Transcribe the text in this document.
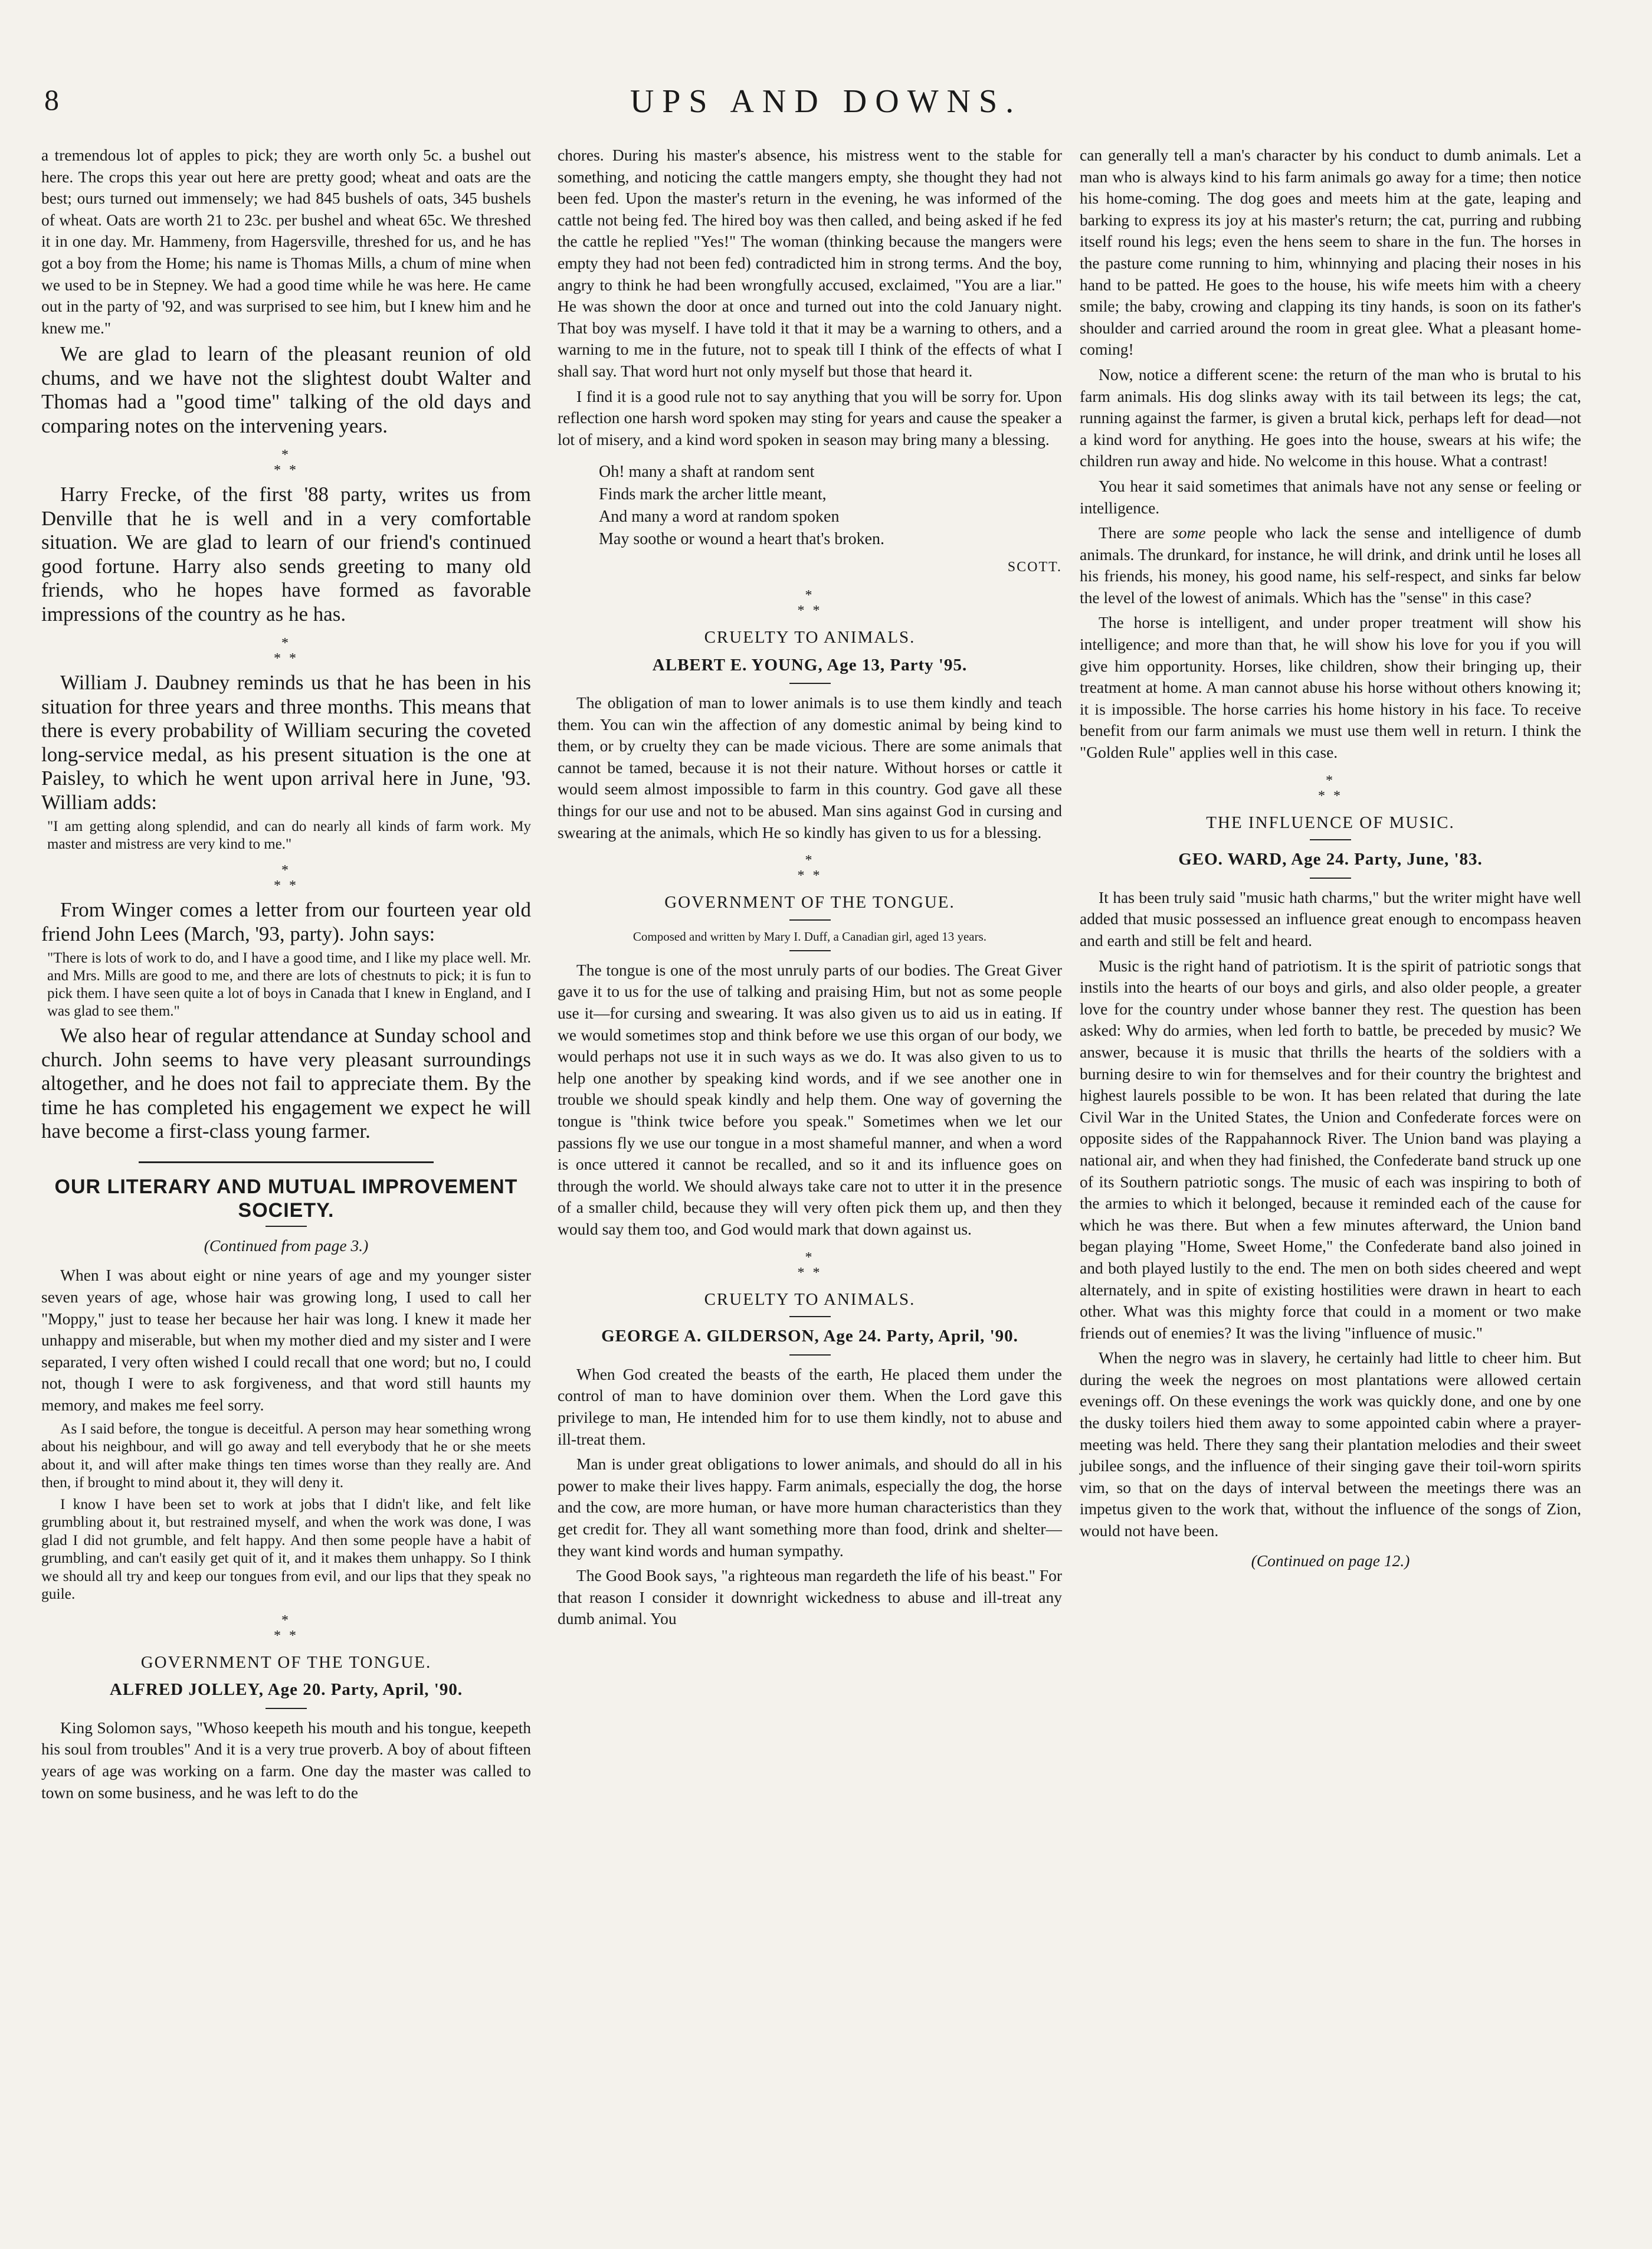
8	UPS AND DOWNS.

a tremendous lot of apples to pick; they are worth only 5c. a bushel out here. The crops this year out here are pretty good; wheat and oats are the best; ours turned out immensely; we had 845 bushels of oats, 345 bushels of wheat. Oats are worth 21 to 23c. per bushel and wheat 65c. We threshed it in one day. Mr. Hammeny, from Hagersville, threshed for us, and he has got a boy from the Home; his name is Thomas Mills, a chum of mine when we used to be in Stepney. We had a good time while he was here. He came out in the party of '92, and was surprised to see him, but I knew him and he knew me."

We are glad to learn of the pleasant reunion of old chums, and we have not the slightest doubt Walter and Thomas had a "good time" talking of the old days and comparing notes on the intervening years.

*
* *

Harry Frecke, of the first '88 party, writes us from Denville that he is well and in a very comfortable situation. We are glad to learn of our friend's continued good fortune. Harry also sends greeting to many old friends, who he hopes have formed as favorable impressions of the country as he has.

*
* *

William J. Daubney reminds us that he has been in his situation for three years and three months. This means that there is every probability of William securing the coveted long-service medal, as his present situation is the one at Paisley, to which he went upon arrival here in June, '93. William adds:

"I am getting along splendid, and can do nearly all kinds of farm work. My master and mistress are very kind to me."

*
* *

From Winger comes a letter from our fourteen year old friend John Lees (March, '93, party). John says:

"There is lots of work to do, and I have a good time, and I like my place well. Mr. and Mrs. Mills are good to me, and there are lots of chestnuts to pick; it is fun to pick them. I have seen quite a lot of boys in Canada that I knew in England, and I was glad to see them."

We also hear of regular attendance at Sunday school and church. John seems to have very pleasant surroundings altogether, and he does not fail to appreciate them. By the time he has completed his engagement we expect he will have become a first-class young farmer.

OUR LITERARY AND MUTUAL IMPROVEMENT SOCIETY.
(Continued from page 3.)

When I was about eight or nine years of age and my younger sister seven years of age, whose hair was growing long, I used to call her "Moppy," just to tease her because her hair was long. I knew it made her unhappy and miserable, but when my mother died and my sister and I were separated, I very often wished I could recall that one word; but no, I could not, though I were to ask forgiveness, and that word still haunts my memory, and makes me feel sorry.

As I said before, the tongue is deceitful. A person may hear something wrong about his neighbour, and will go away and tell everybody that he or she meets about it, and will after make things ten times worse than they really are. And then, if brought to mind about it, they will deny it.

I know I have been set to work at jobs that I didn't like, and felt like grumbling about it, but restrained myself, and when the work was done, I was glad I did not grumble, and felt happy. And then some people have a habit of grumbling, and can't easily get quit of it, and it makes them unhappy. So I think we should all try and keep our tongues from evil, and our lips that they speak no guile.

*
* *
GOVERNMENT OF THE TONGUE.
ALFRED JOLLEY, Age 20. Party, April, '90.

King Solomon says, "Whoso keepeth his mouth and his tongue, keepeth his soul from troubles" And it is a very true proverb. A boy of about fifteen years of age was working on a farm. One day the master was called to town on some business, and he was left to do the

chores. During his master's absence, his mistress went to the stable for something, and noticing the cattle mangers empty, she thought they had not been fed. Upon the master's return in the evening, he was informed of the cattle not being fed. The hired boy was then called, and being asked if he fed the cattle he replied "Yes!" The woman (thinking because the mangers were empty they had not been fed) contradicted him in strong terms. And the boy, angry to think he had been wrongfully accused, exclaimed, "You are a liar." He was shown the door at once and turned out into the cold January night. That boy was myself. I have told it that it may be a warning to others, and a warning to me in the future, not to speak till I think of the effects of what I shall say. That word hurt not only myself but those that heard it.

I find it is a good rule not to say anything that you will be sorry for. Upon reflection one harsh word spoken may sting for years and cause the speaker a lot of misery, and a kind word spoken in season may bring many a blessing.

Oh! many a shaft at random sent
Finds mark the archer little meant,
And many a word at random spoken
May soothe or wound a heart that's broken.
SCOTT.
*
* *
CRUELTY TO ANIMALS.
ALBERT E. YOUNG, Age 13, Party '95.

The obligation of man to lower animals is to use them kindly and teach them. You can win the affection of any domestic animal by being kind to them, or by cruelty they can be made vicious. There are some animals that cannot be tamed, because it is not their nature. Without horses or cattle it would seem almost impossible to farm in this country. God gave all these things for our use and not to be abused. Man sins against God in cursing and swearing at the animals, which He so kindly has given to us for a blessing.

*
* *
GOVERNMENT OF THE TONGUE.
Composed and written by Mary I. Duff, a Canadian girl, aged 13 years.

The tongue is one of the most unruly parts of our bodies. The Great Giver gave it to us for the use of talking and praising Him, but not as some people use it—for cursing and swearing. It was also given us to aid us in eating. If we would sometimes stop and think before we use this organ of our body, we would perhaps not use it in such ways as we do. It was also given to us to help one another by speaking kind words, and if we see another one in trouble we should speak kindly and help them. One way of governing the tongue is "think twice before you speak." Sometimes when we let our passions fly we use our tongue in a most shameful manner, and when a word is once uttered it cannot be recalled, and so it and its influence goes on through the world. We should always take care not to utter it in the presence of a smaller child, because they will very often pick them up, and then they would say them too, and God would mark that down against us.

*
* *
CRUELTY TO ANIMALS.
GEORGE A. GILDERSON, Age 24. Party, April, '90.

When God created the beasts of the earth, He placed them under the control of man to have dominion over them. When the Lord gave this privilege to man, He intended him for to use them kindly, not to abuse and ill-treat them.

Man is under great obligations to lower animals, and should do all in his power to make their lives happy. Farm animals, especially the dog, the horse and the cow, are more human, or have more human characteristics than they get credit for. They all want something more than food, drink and shelter—they want kind words and human sympathy.

The Good Book says, "a righteous man regardeth the life of his beast." For that reason I consider it downright wickedness to abuse and ill-treat any dumb animal. You

can generally tell a man's character by his conduct to dumb animals. Let a man who is always kind to his farm animals go away for a time; then notice his home-coming. The dog goes and meets him at the gate, leaping and barking to express its joy at his master's return; the cat, purring and rubbing itself round his legs; even the hens seem to share in the fun. The horses in the pasture come running to him, whinnying and placing their noses in his hand to be patted. He goes to the house, his wife meets him with a cheery smile; the baby, crowing and clapping its tiny hands, is soon on its father's shoulder and carried around the room in great glee. What a pleasant home-coming!

Now, notice a different scene: the return of the man who is brutal to his farm animals. His dog slinks away with its tail between its legs; the cat, running against the farmer, is given a brutal kick, perhaps left for dead—not a kind word for anything. He goes into the house, swears at his wife; the children run away and hide. No welcome in this house. What a contrast!

You hear it said sometimes that animals have not any sense or feeling or intelligence.

There are some people who lack the sense and intelligence of dumb animals. The drunkard, for instance, he will drink, and drink until he loses all his friends, his money, his good name, his self-respect, and sinks far below the level of the lowest of animals. Which has the "sense" in this case?

The horse is intelligent, and under proper treatment will show his intelligence; and more than that, he will show his love for you if you will give him opportunity. Horses, like children, show their bringing up, their treatment at home. A man cannot abuse his horse without others knowing it; it is impossible. The horse carries his home history in his face. To receive benefit from our farm animals we must use them well in return. I think the "Golden Rule" applies well in this case.

*
* *
THE INFLUENCE OF MUSIC.
GEO. WARD, Age 24. Party, June, '83.

It has been truly said "music hath charms," but the writer might have well added that music possessed an influence great enough to encompass heaven and earth and still be felt and heard.

Music is the right hand of patriotism. It is the spirit of patriotic songs that instils into the hearts of our boys and girls, and also older people, a greater love for the country under whose banner they rest. The question has been asked: Why do armies, when led forth to battle, be preceded by music? We answer, because it is music that thrills the hearts of the soldiers with a burning desire to win for themselves and for their country the brightest and highest laurels possible to be won. It has been related that during the late Civil War in the United States, the Union and Confederate forces were on opposite sides of the Rappahannock River. The Union band was playing a national air, and when they had finished, the Confederate band struck up one of its Southern patriotic songs. The music of each was inspiring to both of the armies to which it belonged, because it reminded each of the cause for which he was there. But when a few minutes afterward, the Union band began playing "Home, Sweet Home," the Confederate band also joined in and both played lustily to the end. The men on both sides cheered and wept alternately, and in spite of existing hostilities were drawn in heart to each other. What was this mighty force that could in a moment or two make friends out of enemies? It was the living "influence of music."

When the negro was in slavery, he certainly had little to cheer him. But during the week the negroes on most plantations were allowed certain evenings off. On these evenings the work was quickly done, and one by one the dusky toilers hied them away to some appointed cabin where a prayer-meeting was held. There they sang their plantation melodies and their sweet jubilee songs, and the influence of their singing gave their toil-worn spirits vim, so that on the days of interval between the meetings there was an impetus given to the work that, without the influence of the songs of Zion, would not have been.

(Continued on page 12.)
